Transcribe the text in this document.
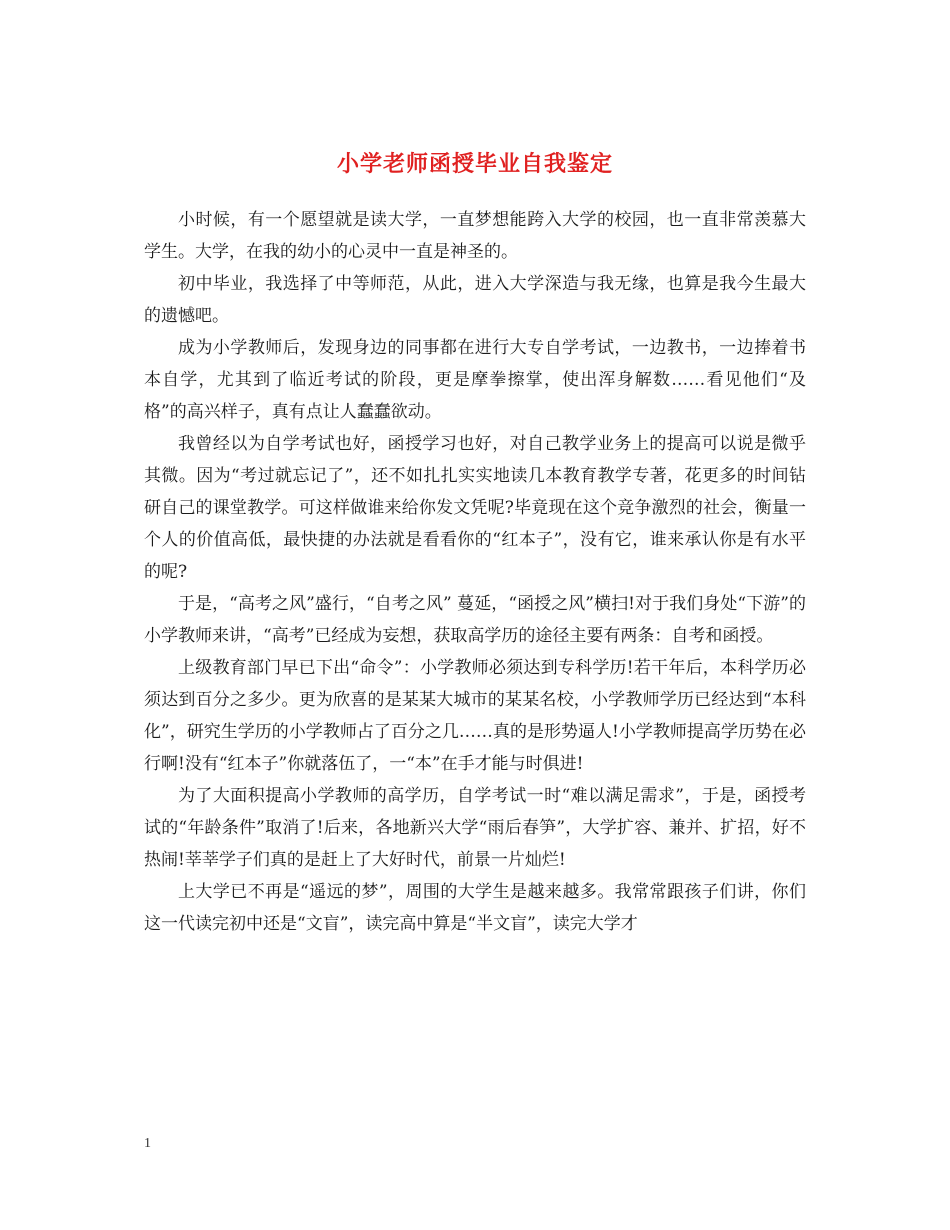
小学老师函授毕业自我鉴定

小时候，有一个愿望就是读大学，一直梦想能跨入大学的校园，也一直非常羡慕大学生。大学，在我的幼小的心灵中一直是神圣的。

初中毕业，我选择了中等师范，从此，进入大学深造与我无缘，也算是我今生最大的遗憾吧。

成为小学教师后，发现身边的同事都在进行大专自学考试，一边教书，一边捧着书本自学，尤其到了临近考试的阶段，更是摩拳擦掌，使出浑身解数……看见他们“及格”的高兴样子，真有点让人蠢蠢欲动。

我曾经以为自学考试也好，函授学习也好，对自己教学业务上的提高可以说是微乎其微。因为“考过就忘记了”，还不如扎扎实实地读几本教育教学专著，花更多的时间钻研自己的课堂教学。可这样做谁来给你发文凭呢?毕竟现在这个竞争激烈的社会，衡量一个人的价值高低，最快捷的办法就是看看你的“红本子”，没有它，谁来承认你是有水平的呢?

于是，“高考之风”盛行，“自考之风” 蔓延，“函授之风”横扫!对于我们身处“下游”的小学教师来讲，“高考”已经成为妄想，获取高学历的途径主要有两条：自考和函授。

上级教育部门早已下出“命令”：小学教师必须达到专科学历!若干年后，本科学历必须达到百分之多少。更为欣喜的是某某大城市的某某名校，小学教师学历已经达到“本科化”，研究生学历的小学教师占了百分之几……真的是形势逼人!小学教师提高学历势在必行啊!没有“红本子”你就落伍了，一“本”在手才能与时俱进!

为了大面积提高小学教师的高学历，自学考试一时“难以满足需求”，于是，函授考试的“年龄条件”取消了!后来，各地新兴大学“雨后春笋”，大学扩容、兼并、扩招，好不热闹!莘莘学子们真的是赶上了大好时代，前景一片灿烂!

上大学已不再是“遥远的梦”，周围的大学生是越来越多。我常常跟孩子们讲，你们这一代读完初中还是“文盲”，读完高中算是“半文盲”，读完大学才

1
